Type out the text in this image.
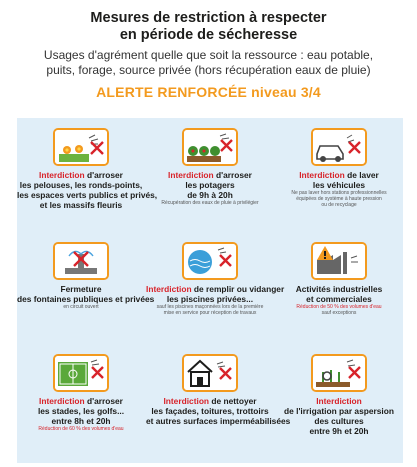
Mesures de restriction à respecter
en période de sécheresse
Usages d'agrément quelle que soit la ressource : eau potable,
puits, forage, source privée (hors récupération eaux de pluie)
ALERTE RENFORCÉE niveau 3/4
Interdiction d'arroser
les pelouses, les ronds-points,
les espaces verts publics et privés,
et les massifs fleuris
Interdiction d'arroser
les potagers
de 9h à 20h
Récupération des eaux de pluie à privilégier
Interdiction de laver
les véhicules
Ne pas laver hors stations professionnelles
équipées de système à haute pression
ou de recyclage
Fermeture
des fontaines publiques et privées
en circuit ouvert
Interdiction de remplir ou vidanger
les piscines privées...
sauf les piscines maçonnées lors de la première
mise en service pour réception de travaux
Activités industrielles
et commerciales
Réduction de 50 % des volumes d'eau
sauf exceptions
Interdiction d'arroser
les stades, les golfs...
entre 8h et 20h
Réduction de 60 % des volumes d'eau
Interdiction de nettoyer
les façades, toitures, trottoirs
et autres surfaces imperméabilisées
Interdiction
de l'irrigation par aspersion
des cultures
entre 9h et 20h
